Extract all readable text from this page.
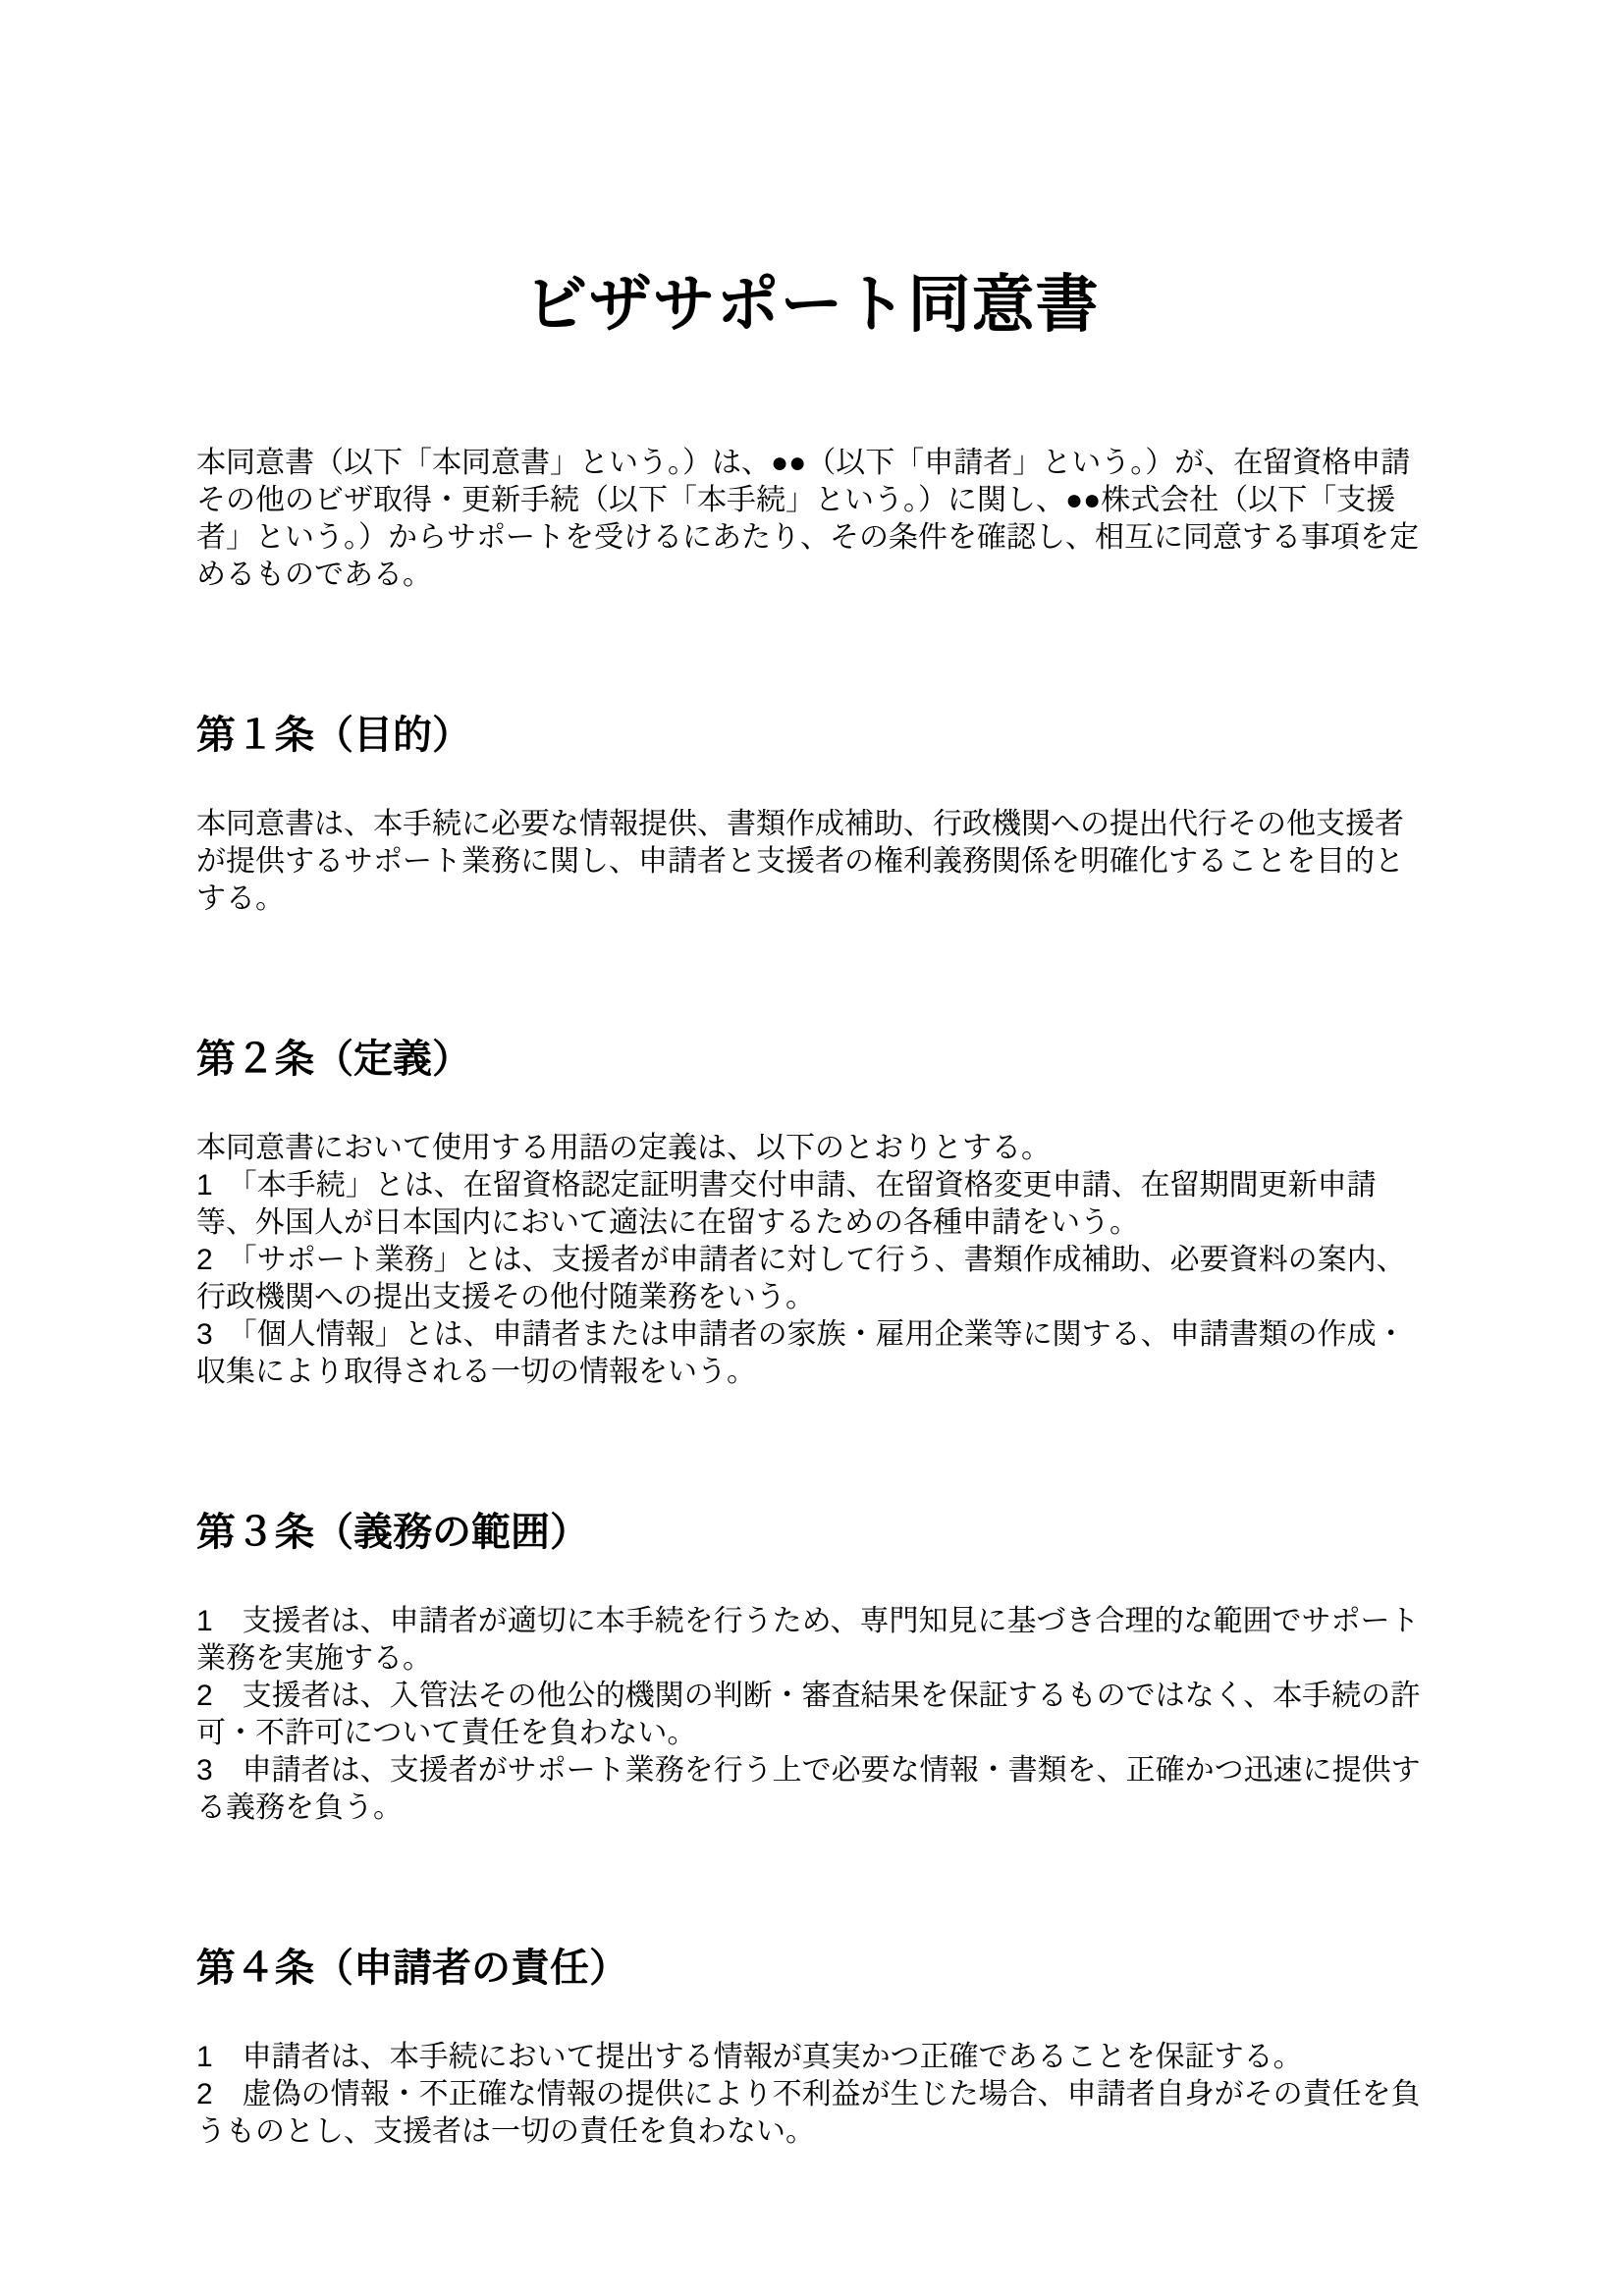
ビザサポート同意書

本同意書（以下「本同意書」という。）は、●●（以下「申請者」という。）が、在留資格申請その他のビザ取得・更新手続（以下「本手続」という。）に関し、●●株式会社（以下「支援者」という。）からサポートを受けるにあたり、その条件を確認し、相互に同意する事項を定めるものである。

第１条（目的）

本同意書は、本手続に必要な情報提供、書類作成補助、行政機関への提出代行その他支援者が提供するサポート業務に関し、申請者と支援者の権利義務関係を明確化することを目的とする。

第２条（定義）

本同意書において使用する用語の定義は、以下のとおりとする。

1　「本手続」とは、在留資格認定証明書交付申請、在留資格変更申請、在留期間更新申請等、外国人が日本国内において適法に在留するための各種申請をいう。

2　「サポート業務」とは、支援者が申請者に対して行う、書類作成補助、必要資料の案内、行政機関への提出支援その他付随業務をいう。

3　「個人情報」とは、申請者または申請者の家族・雇用企業等に関する、申請書類の作成・収集により取得される一切の情報をいう。

第３条（義務の範囲）

1　支援者は、申請者が適切に本手続を行うため、専門知見に基づき合理的な範囲でサポート業務を実施する。

2　支援者は、入管法その他公的機関の判断・審査結果を保証するものではなく、本手続の許可・不許可について責任を負わない。

3　申請者は、支援者がサポート業務を行う上で必要な情報・書類を、正確かつ迅速に提供する義務を負う。

第４条（申請者の責任）

1　申請者は、本手続において提出する情報が真実かつ正確であることを保証する。

2　虚偽の情報・不正確な情報の提供により不利益が生じた場合、申請者自身がその責任を負うものとし、支援者は一切の責任を負わない。
